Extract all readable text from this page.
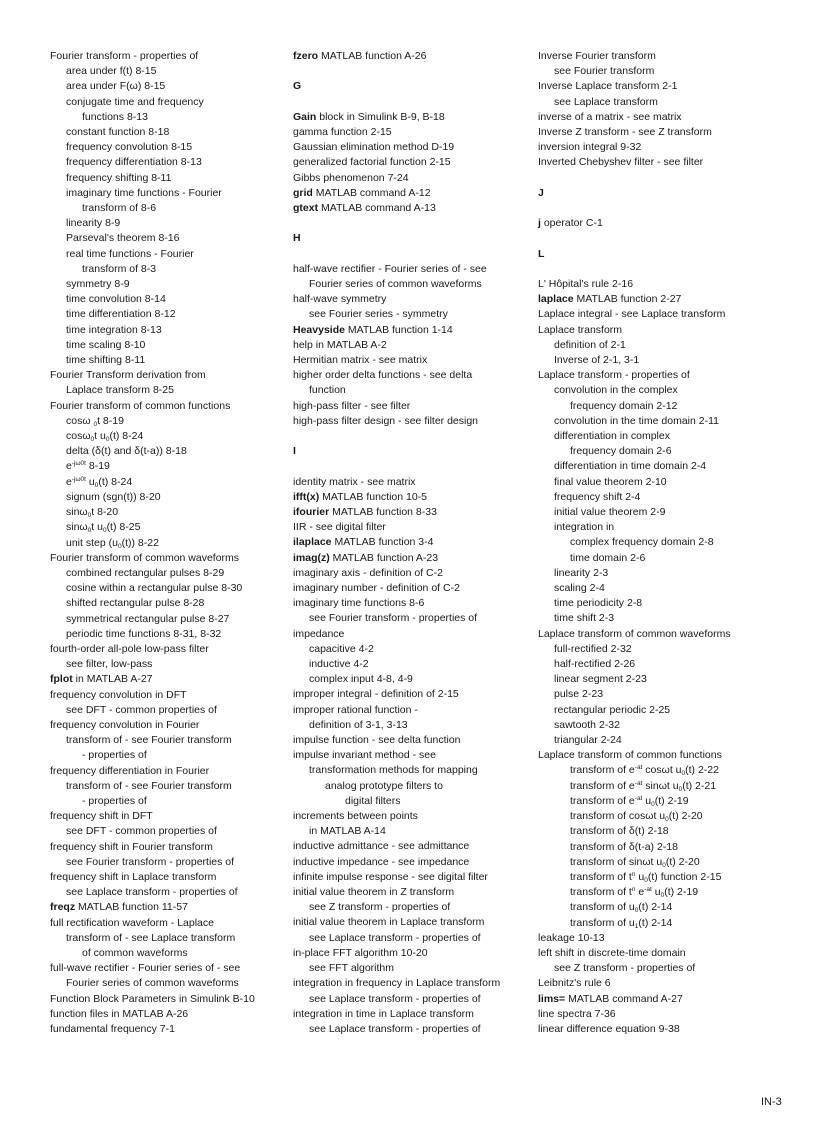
Fourier transform - properties of
area under f(t) 8-15
area under F(ω) 8-15
conjugate time and frequency
functions 8-13
constant function 8-18
frequency convolution 8-15
frequency differentiation 8-13
frequency shifting 8-11
imaginary time functions - Fourier
transform of 8-6
linearity 8-9
Parseval's theorem 8-16
real time functions - Fourier
transform of 8-3
symmetry 8-9
time convolution 8-14
time differentiation 8-12
time integration 8-13
time scaling 8-10
time shifting 8-11
Fourier Transform derivation from
Laplace transform 8-25
Fourier transform of common functions
cosω $_0$t 8-19
cosω$_0$t $u_0(t)$ 8-24
delta (δ(t) and δ(t-a)) 8-18
$e^{-j\omega 0t}$ 8-19
$e^{-j\omega 0t}$ $u_0(t)$ 8-24
signum (sgn(t)) 8-20
sinω$_0$t 8-20
sinω$_0$t $u_0(t)$ 8-25
unit step $(u_0(t))$ 8-22
Fourier transform of common waveforms
combined rectangular pulses 8-29
cosine within a rectangular pulse 8-30
shifted rectangular pulse 8-28
symmetrical rectangular pulse 8-27
periodic time functions 8-31, 8-32
fourth-order all-pole low-pass filter
see filter, low-pass
fplot in MATLAB A-27
frequency convolution in DFT
see DFT - common properties of
frequency convolution in Fourier
transform of - see Fourier transform
- properties of
frequency differentiation in Fourier
transform of - see Fourier transform
- properties of
frequency shift in DFT
see DFT - common properties of
frequency shift in Fourier transform
see Fourier transform - properties of
frequency shift in Laplace transform
see Laplace transform - properties of
freqz MATLAB function 11-57
full rectification waveform - Laplace
transform of - see Laplace transform
of common waveforms
full-wave rectifier - Fourier series of - see
Fourier series of common waveforms
Function Block Parameters in Simulink B-10
function files in MATLAB A-26
fundamental frequency 7-1
fzero MATLAB function A-26
G
Gain block in Simulink B-9, B-18
gamma function 2-15
Gaussian elimination method D-19
generalized factorial function 2-15
Gibbs phenomenon 7-24
grid MATLAB command A-12
gtext MATLAB command A-13
H
half-wave rectifier - Fourier series of - see
Fourier series of common waveforms
half-wave symmetry
see Fourier series - symmetry
Heavyside MATLAB function 1-14
help in MATLAB A-2
Hermitian matrix - see matrix
higher order delta functions - see delta
function
high-pass filter - see filter
high-pass filter design - see filter design
I
identity matrix - see matrix
ifft(x) MATLAB function 10-5
ifourier MATLAB function 8-33
IIR - see digital filter
ilaplace MATLAB function 3-4
imag(z) MATLAB function A-23
imaginary axis - definition of C-2
imaginary number - definition of C-2
imaginary time functions 8-6
see Fourier transform - properties of
impedance
capacitive 4-2
inductive 4-2
complex input 4-8, 4-9
improper integral - definition of 2-15
improper rational function -
definition of 3-1, 3-13
impulse function - see delta function
impulse invariant method - see
transformation methods for mapping
analog prototype filters to
digital filters
increments between points
in MATLAB A-14
inductive admittance - see admittance
inductive impedance - see impedance
infinite impulse response - see digital filter
initial value theorem in Z transform
see Z transform - properties of
initial value theorem in Laplace transform
see Laplace transform - properties of
in-place FFT algorithm 10-20
see FFT algorithm
integration in frequency in Laplace transform
see Laplace transform - properties of
integration in time in Laplace transform
see Laplace transform - properties of
Inverse Fourier transform
see Fourier transform
Inverse Laplace transform 2-1
see Laplace transform
inverse of a matrix - see matrix
Inverse Z transform - see Z transform
inversion integral 9-32
Inverted Chebyshev filter - see filter
J
j operator C-1
L
L' Hôpital's rule 2-16
laplace MATLAB function 2-27
Laplace integral - see Laplace transform
Laplace transform
definition of 2-1
Inverse of 2-1, 3-1
Laplace transform - properties of
convolution in the complex
frequency domain 2-12
convolution in the time domain 2-11
differentiation in complex
frequency domain 2-6
differentiation in time domain 2-4
final value theorem 2-10
frequency shift 2-4
initial value theorem 2-9
integration in
complex frequency domain 2-8
time domain 2-6
linearity 2-3
scaling 2-4
time periodicity 2-8
time shift 2-3
Laplace transform of common waveforms
full-rectified 2-32
half-rectified 2-26
linear segment 2-23
pulse 2-23
rectangular periodic 2-25
sawtooth 2-32
triangular 2-24
Laplace transform of common functions
transform of $e^{-at}$ cosωt $u_0(t)$ 2-22
transform of $e^{-at}$ sinωt $u_0(t)$ 2-21
transform of $e^{-at}$ $u_0(t)$ 2-19
transform of cosωt $u_0(t)$ 2-20
transform of δ(t) 2-18
transform of δ(t-a) 2-18
transform of sinωt $u_0(t)$ 2-20
transform of $t^n$ $u_0(t)$ function 2-15
transform of $t^n$ $e^{-at}$ $u_0(t)$ 2-19
transform of $u_0(t)$ 2-14
transform of $u_1(t)$ 2-14
leakage 10-13
left shift in discrete-time domain
see Z transform - properties of
Leibnitz's rule 6
lims= MATLAB command A-27
line spectra 7-36
linear difference equation 9-38
IN-3
